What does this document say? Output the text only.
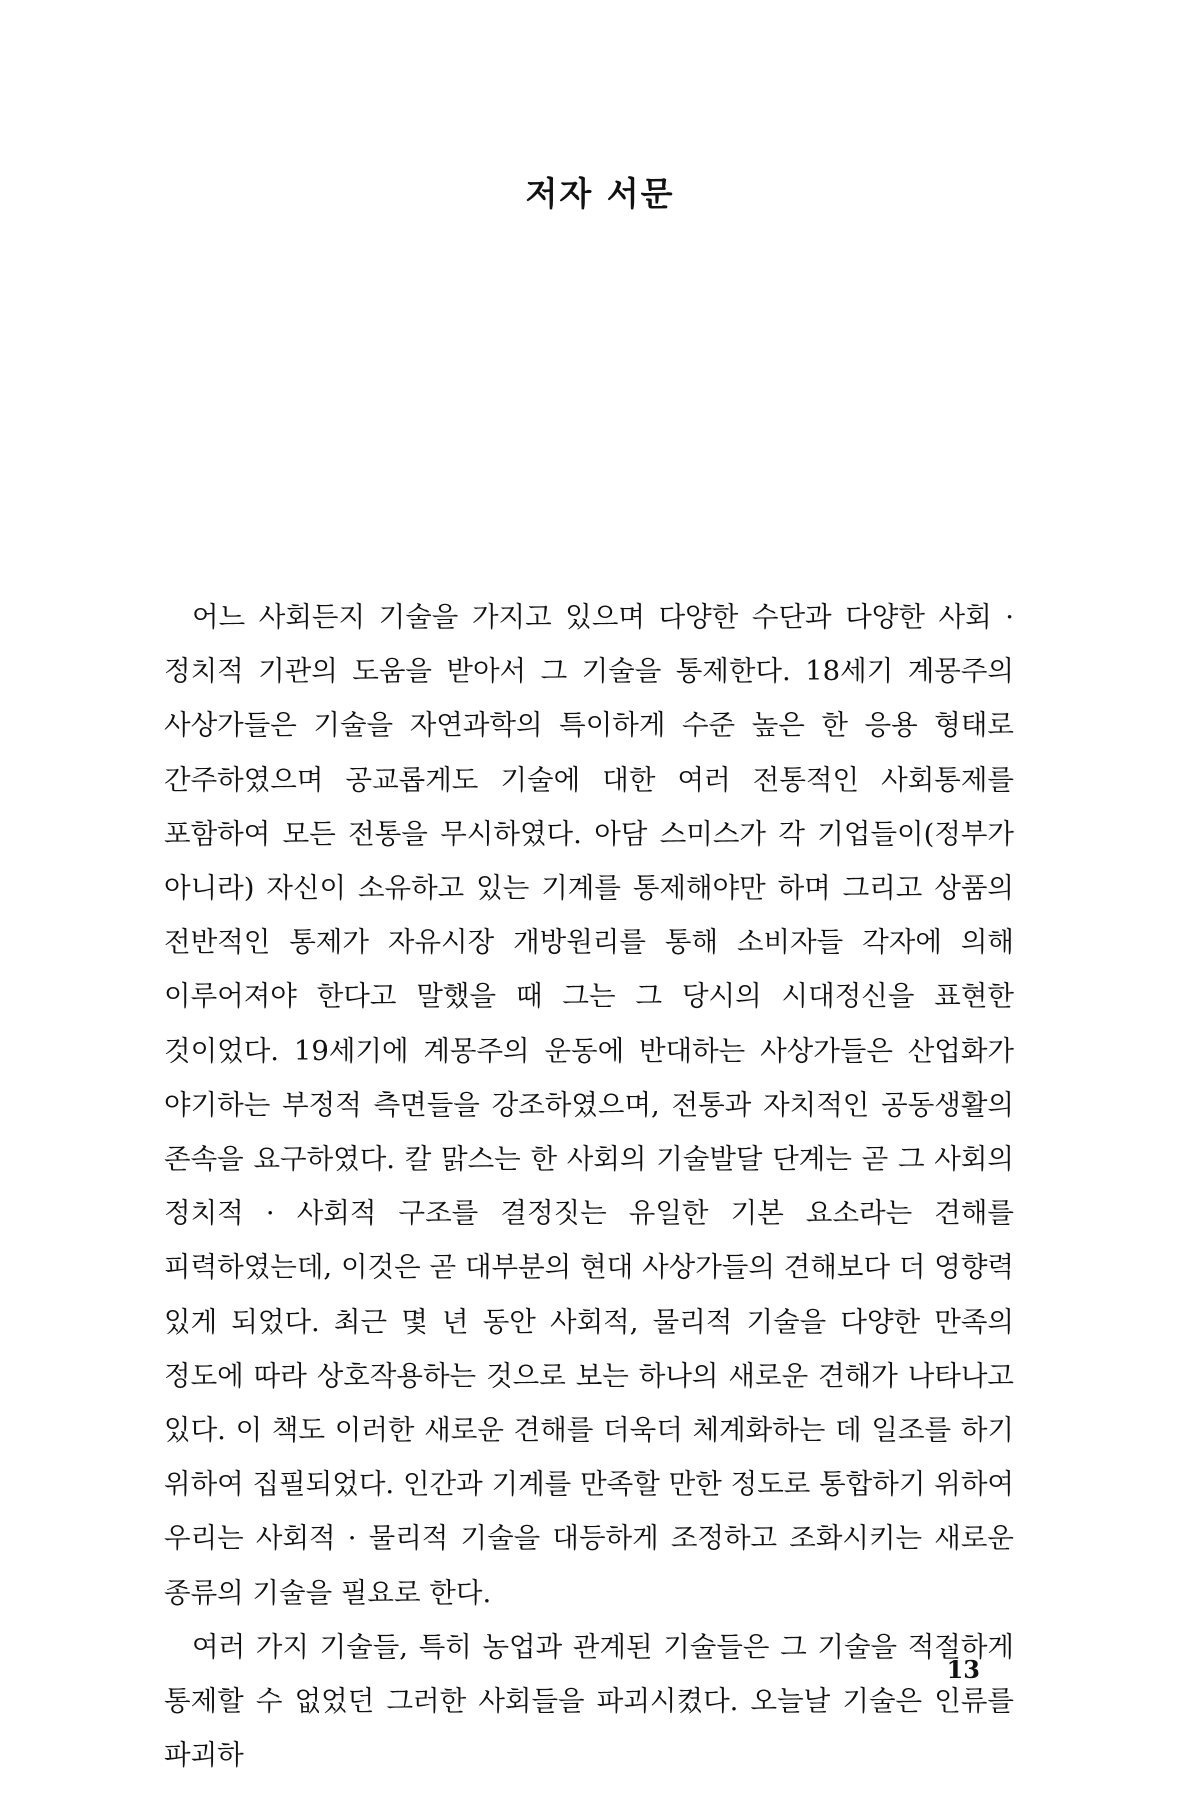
저자 서문

어느 사회든지 기술을 가지고 있으며 다양한 수단과 다양한 사회 · 정치적 기관의 도움을 받아서 그 기술을 통제한다. 18세기 계몽주의 사상가들은 기술을 자연과학의 특이하게 수준 높은 한 응용 형태로 간주하였으며 공교롭게도 기술에 대한 여러 전통적인 사회통제를 포함하여 모든 전통을 무시하였다. 아담 스미스가 각 기업들이(정부가 아니라) 자신이 소유하고 있는 기계를 통제해야만 하며 그리고 상품의 전반적인 통제가 자유시장 개방원리를 통해 소비자들 각자에 의해 이루어져야 한다고 말했을 때 그는 그 당시의 시대정신을 표현한 것이었다. 19세기에 계몽주의 운동에 반대하는 사상가들은 산업화가 야기하는 부정적 측면들을 강조하였으며, 전통과 자치적인 공동생활의 존속을 요구하였다. 칼 맑스는 한 사회의 기술발달 단계는 곧 그 사회의 정치적 · 사회적 구조를 결정짓는 유일한 기본 요소라는 견해를 피력하였는데, 이것은 곧 대부분의 현대 사상가들의 견해보다 더 영향력 있게 되었다. 최근 몇 년 동안 사회적, 물리적 기술을 다양한 만족의 정도에 따라 상호작용하는 것으로 보는 하나의 새로운 견해가 나타나고 있다. 이 책도 이러한 새로운 견해를 더욱더 체계화하는 데 일조를 하기 위하여 집필되었다. 인간과 기계를 만족할 만한 정도로 통합하기 위하여 우리는 사회적 · 물리적 기술을 대등하게 조정하고 조화시키는 새로운 종류의 기술을 필요로 한다.

여러 가지 기술들, 특히 농업과 관계된 기술들은 그 기술을 적절하게 통제할 수 없었던 그러한 사회들을 파괴시켰다. 오늘날 기술은 인류를 파괴하

13
